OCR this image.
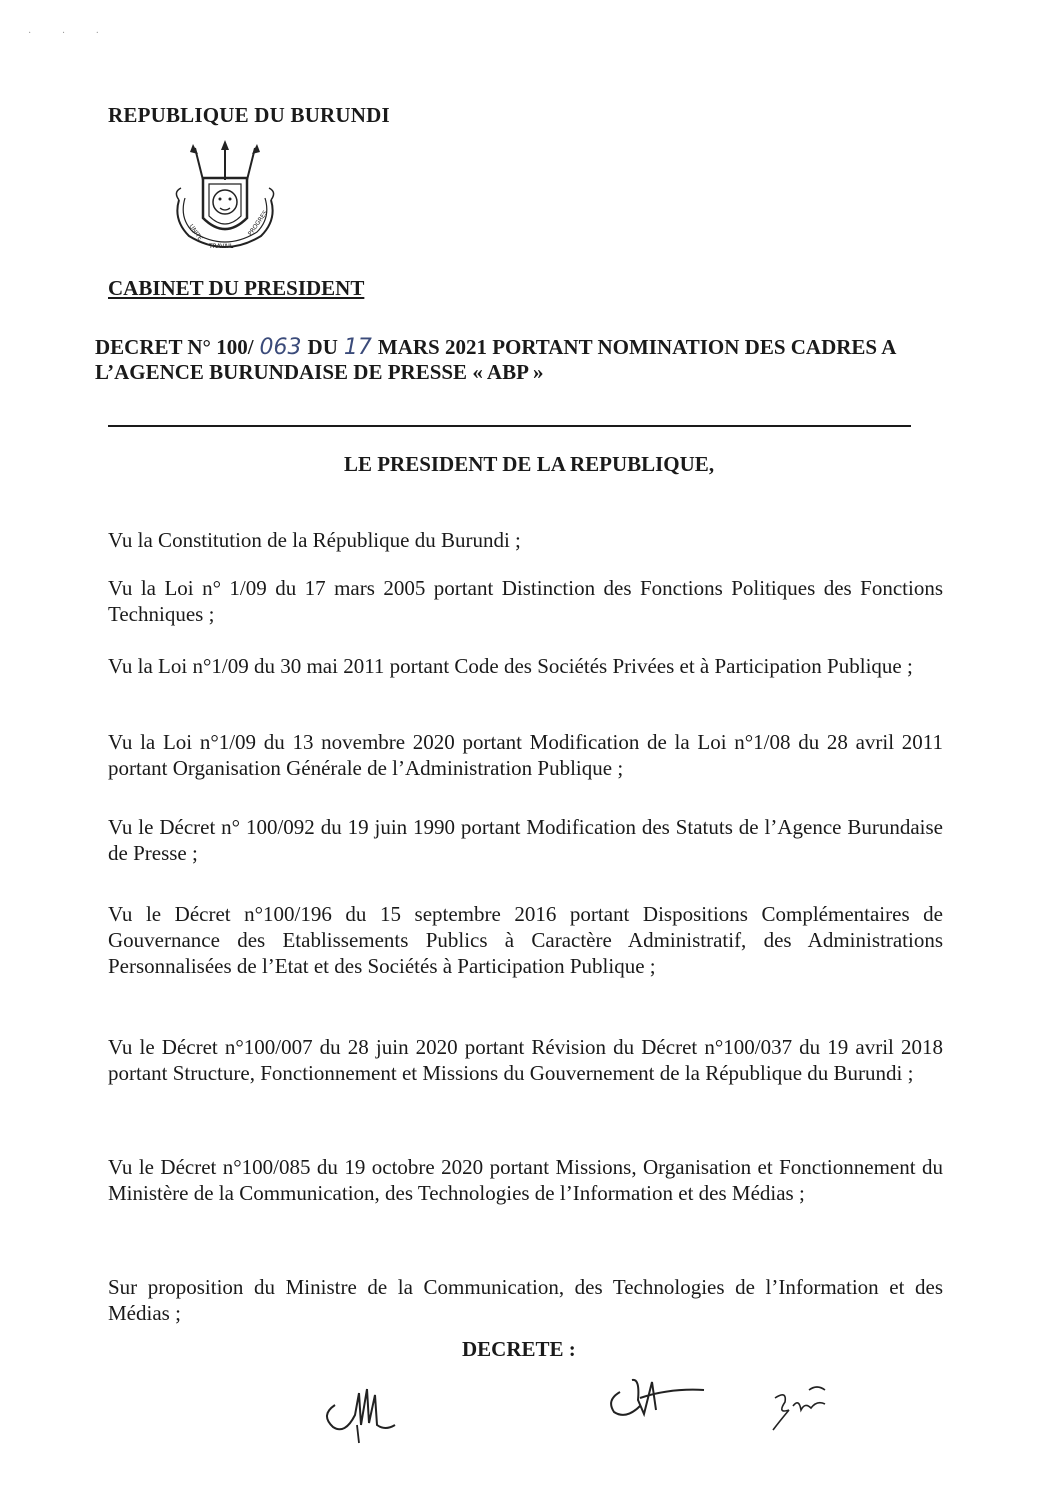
· · ·
REPUBLIQUE DU BURUNDI
UNITE
TRAVAIL
PROGRES
CABINET DU PRESIDENT
DECRET N° 100/ 063 DU 17 MARS 2021 PORTANT NOMINATION DES CADRES A L’AGENCE BURUNDAISE DE PRESSE « ABP »
LE PRESIDENT DE LA REPUBLIQUE,

Vu la Constitution de la République du Burundi ;

Vu la Loi n° 1/09 du 17 mars 2005 portant Distinction des Fonctions Politiques des Fonctions Techniques ;

Vu la Loi n°1/09 du 30 mai 2011 portant Code des Sociétés Privées et à Participation Publique ;

Vu la Loi n°1/09 du 13 novembre 2020 portant Modification de la Loi n°1/08 du 28 avril 2011 portant Organisation Générale de l’Administration Publique ;

Vu le Décret n° 100/092 du 19 juin 1990 portant Modification des Statuts de l’Agence Burundaise de Presse ;

Vu le Décret n°100/196 du 15 septembre 2016 portant Dispositions Complémentaires de Gouvernance des Etablissements Publics à Caractère Administratif, des Administrations Personnalisées de l’Etat et des Sociétés à Participation Publique ;

Vu le Décret n°100/007 du 28 juin 2020 portant Révision du Décret n°100/037 du 19 avril 2018 portant Structure, Fonctionnement et Missions du Gouvernement de la République du Burundi ;

Vu le Décret n°100/085 du 19 octobre 2020 portant Missions, Organisation et Fonctionnement du Ministère de la Communication, des Technologies de l’Information et des Médias ;

Sur proposition du Ministre de la Communication, des Technologies de l’Information et des Médias ;

DECRETE :
